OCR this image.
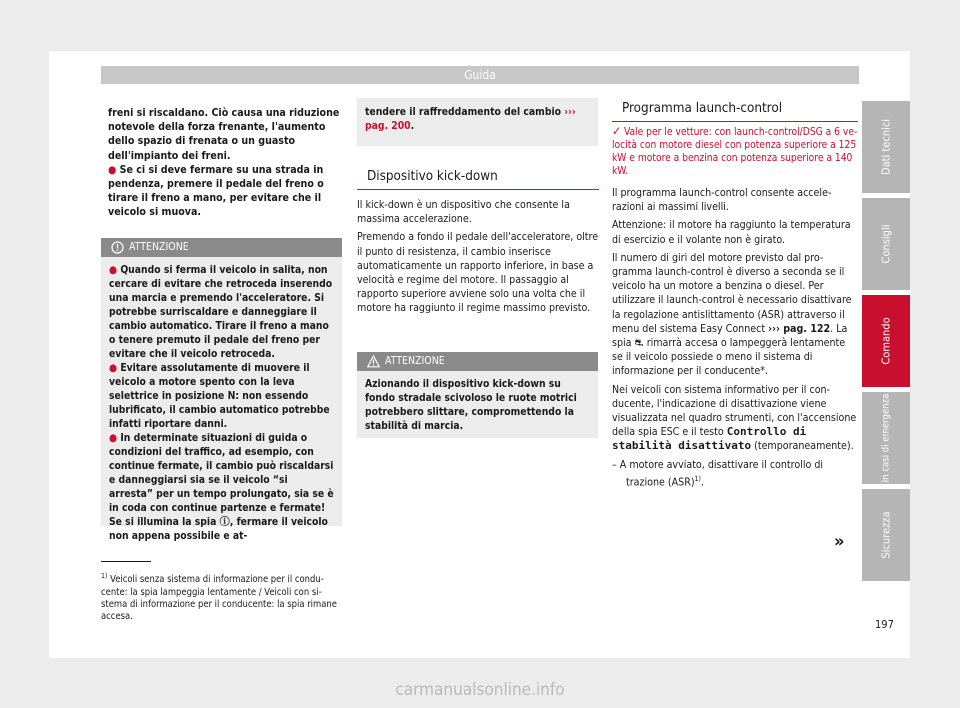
Guida

freni si riscaldano. Ciò causa una riduzione notevole della forza frenante, l'aumento dello spazio di frenata o un guasto dell'impianto dei freni.

● Se ci si deve fermare su una strada in pendenza, premere il pedale del freno o tirare il freno a mano, per evitare che il veicolo si muova.

ATTENZIONE

● Quando si ferma il veicolo in salita, non cercare di evitare che retroceda inserendo una marcia e premendo l'acceleratore. Si potrebbe surriscaldare e danneggiare il cambio automatico. Tirare il freno a mano o tenere premuto il pedale del freno per evitare che il veicolo retroceda.

● Evitare assolutamente di muovere il veicolo a motore spento con la leva selettrice in posizione N: non essendo lubrificato, il cambio automatico potrebbe infatti riportare danni.

● In determinate situazioni di guida o condizioni del traffico, ad esempio, con continue fermate, il cambio può riscaldarsi e danneggiarsi sia se il veicolo “si arresta” per un tempo prolungato, sia se è in coda con continue partenze e fermate! Se si illumina la spia ⓘ, fermare il veicolo non appena possibile e at-

tendere il raffreddamento del cambio ››› pag. 200.
Dispositivo kick-down

Il kick-down è un dispositivo che consente la massima accelerazione.

Premendo a fondo il pedale dell'acceleratore, oltre il punto di resistenza, il cambio inserisce automaticamente un rapporto inferiore, in base a velocità e regime del motore. Il passaggio al rapporto superiore avviene solo una volta che il motore ha raggiunto il regime massimo previsto.

ATTENZIONE
Azionando il dispositivo kick-down su fondo stradale scivoloso le ruote motrici potrebbero slittare, compromettendo la stabilità di marcia.
Programma launch-control

✓ Vale per le vetture: con launch-control/DSG a 6 velocità con motore diesel con potenza superiore a 125 kW e motore a benzina con potenza superiore a 140 kW.

Il programma launch-control consente accelerazioni ai massimi livelli.

Attenzione: il motore ha raggiunto la temperatura di esercizio e il volante non è girato.

Il numero di giri del motore previsto dal programma launch-control è diverso a seconda se il veicolo ha un motore a benzina o diesel. Per utilizzare il launch-control è necessario disattivare la regolazione antislittamento (ASR) attraverso il menu del sistema Easy Connect ››› pag. 122. La spia ⛐ rimarrà accesa o lampeggerà lentamente se il veicolo possiede o meno il sistema di informazione per il conducente*.

Nei veicoli con sistema informativo per il conducente, l'indicazione di disattivazione viene visualizzata nel quadro strumenti, con l'accensione della spia ESC e il testo Controllo di stabilità disattivato (temporaneamente).

– A motore avviato, disattivare il controllo di trazione (ASR)$^{1)}$.

»
$^{1)}$ Veicoli senza sistema di informazione per il conducente: la spia lampeggia lentamente / Veicoli con sistema di informazione per il conducente: la spia rimane accesa.
Dati tecnici
Consigli
Comando
In casi di emergenza
Sicurezza
197
carmanualsonline.info
